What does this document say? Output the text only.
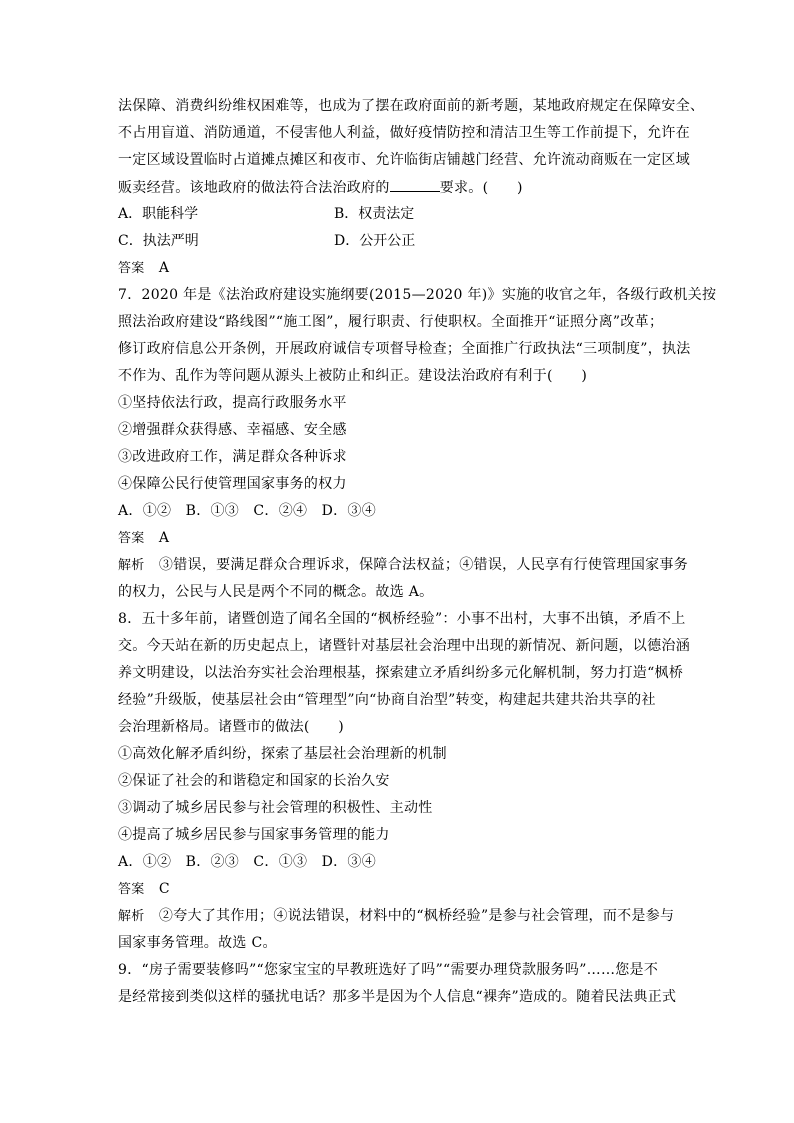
法保障、消费纠纷维权困难等，也成为了摆在政府面前的新考题，某地政府规定在保障安全、
不占用盲道、消防通道，不侵害他人利益，做好疫情防控和清洁卫生等工作前提下，允许在
一定区域设置临时占道摊点摊区和夜市、允许临街店铺越门经营、允许流动商贩在一定区域
贩卖经营。该地政府的做法符合法治政府的	要求。(　　)
A．职能科学	B．权责法定
C．执法严明	D．公开公正
答案　 A
7．2020 年是《法治政府建设实施纲要(2015—2020 年)》实施的收官之年，各级行政机关按
照法治政府建设“路线图”“施工图”，履行职责、行使职权。全面推开“证照分离”改革；
修订政府信息公开条例，开展政府诚信专项督导检查；全面推广行政执法“三项制度”，执法
不作为、乱作为等问题从源头上被防止和纠正。建设法治政府有利于(　　)
①坚持依法行政，提高行政服务水平
②增强群众获得感、幸福感、安全感
③改进政府工作，满足群众各种诉求
④保障公民行使管理国家事务的权力
A．①②　B．①③　C．②④　D．③④
答案　 A
解析　 ③错误，要满足群众合理诉求，保障合法权益；④错误，人民享有行使管理国家事务
的权力，公民与人民是两个不同的概念。故选 A。
8．五十多年前，诸暨创造了闻名全国的“枫桥经验”：小事不出村，大事不出镇，矛盾不上
交。今天站在新的历史起点上，诸暨针对基层社会治理中出现的新情况、新问题，以德治涵
养文明建设，以法治夯实社会治理根基，探索建立矛盾纠纷多元化解机制，努力打造“枫桥
经验”升级版，使基层社会由“管理型”向“协商自治型”转变，构建起共建共治共享的社
会治理新格局。诸暨市的做法(　　)
①高效化解矛盾纠纷，探索了基层社会治理新的机制
②保证了社会的和谐稳定和国家的长治久安
③调动了城乡居民参与社会管理的积极性、主动性
④提高了城乡居民参与国家事务管理的能力
A．①②　B．②③　C．①③　D．③④
答案　 C
解析　 ②夸大了其作用；④说法错误，材料中的“枫桥经验”是参与社会管理，而不是参与
国家事务管理。故选 C。
9．“房子需要装修吗”“您家宝宝的早教班选好了吗”“需要办理贷款服务吗”……您是不
是经常接到类似这样的骚扰电话？那多半是因为个人信息“裸奔”造成的。随着民法典正式
